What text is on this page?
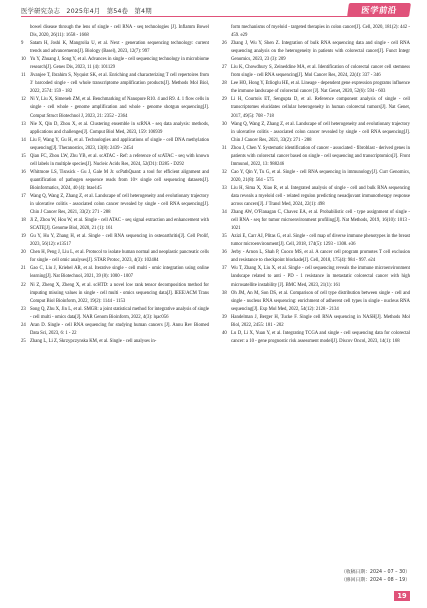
医学研究杂志　2025年4月　第54卷　第4期	医学前沿
bowel disease through the lens of single - cell RNA - seq technologies [J]. Inflamm Bowel Dis, 2020, 26(11): 1658 - 1668
9 Satam H, Joshi K, Mangrolia U, et al. Next - generation sequencing technology: current trends and advancements[J]. Biology (Basel), 2023, 12(7): 997
10 Yu Y, Zhuang J, Song Y, et al. Advances in single - cell sequencing technology in microbiome research[J]. Genes Dis, 2023, 11 (4): 101129
11 Jivanjee T, Ibrahim S, Nyquist SK, et al. Enriching and characterizing T cell repertoires from 3′ barcoded single - cell whole transcriptome amplification products[J]. Methods Mol Biol, 2022, 2574: 159 - 182
12 Ni Y, Liu X, Simeneh ZM, et al. Benchmarking of Nanopore R10. 4 and R9. 4. 1 flow cells in single - cell whole - genome amplification and whole - genome shotgun sequencing[J]. Comput Struct Biotechnol J, 2023, 21: 2352 - 2364
13 Nie X, Qin D, Zhou X, et al. Clustering ensemble in scRNA - seq data analysis: methods, applications and challenges[J]. Comput Biol Med, 2023, 159: 106939
14 Liu F, Wang Y, Gu H, et al. Technologies and applications of single - cell DNA methylation sequencing[J]. Theranostics, 2023, 13(8): 2439 - 2454
15 Qian FC, Zhou LW, Zhu YB, et al. scATAC - Ref: a reference of scATAC - seq with known cell labels in multiple species[J]. Nucleic Acids Res, 2024, 52(D1): D285 - D292
16 Whitmore LS, Tisnsick - Gu J, Gale M Jr. scPathQuant: a tool for efficient alignment and quantification of pathogen sequence reads from 10× single cell sequencing datasets[J]. Bioinformatics, 2024, 40 (4): btae145
17 Wang Q, Wang Z, Zhang Z, et al. Landscape of cell heterogeneity and evolutionary trajectory in ulcerative colitis - associated colon cancer revealed by single - cell RNA sequencing[J]. Chin J Cancer Res, 2021, 33(2): 271 - 288
18 Ji Z, Zhou W, Hou W, et al. Single - cell ATAC - seq signal extraction and enhancement with SCATE[J]. Genome Biol, 2020, 21 (1): 161
19 Gu Y, Hu Y, Zhang H, et al. Single - cell RNA sequencing in osteoarthritis[J]. Cell Prolif, 2023, 56(12): e13517
20 Chen H, Peng J, Liu L, et al. Protocol to isolate human normal and neoplastic pancreatic cells for single - cell omic analyses[J]. STAR Protoc, 2023, 4(3): 102484
21 Gao C, Liu J, Kriebel AR, et al. Iterative single - cell multi - omic integration using online learning[J]. Nat Biotechnol, 2021, 39 (8): 1000 - 1007
22 Ni Z, Zheng X, Zheng X, et al. scHTD: a novel low rank tensor decomposition method for imputing missing values in single - cell multi - omics sequencing data[J]. IEEE/ACM Trans Comput Biol Bioinform, 2022, 19(2): 1144 - 1153
23 Song Q, Zhu X, Jin L, et al. SMGR: a joint statistical method for integrative analysis of single - cell multi - omics data[J]. NAR Genom Bioinform, 2022, 4(3): lqac056
24 Aran D. Single - cell RNA sequencing for studying human cancers [J]. Annu Rev Biomed Data Sci, 2023, 6: 1 - 22
25 Zhang L, Li Z, Skrzypczynska KM, et al. Single - cell analyses in-
form mechanisms of myeloid - targeted therapies in colon cancer[J]. Cell, 2020, 181(2): 442 - 459. e29
26 Zhang J, Wu Y, Shen Z. Integration of bulk RNA sequencing data and single - cell RNA sequencing analysis on the heterogeneity in patients with colorectal cancer[J]. Funct Integr Genomics, 2023, 23 (3): 209
27 Liu K, Chowdhury S, Zeineddine MA, et al. Identification of colorectal cancer cell stemness from single - cell RNA sequencing[J]. Mol Cancer Res, 2024, 22(4): 337 - 346
28 Lee HO, Hong Y, Etlioglu HE, et al. Lineage - dependent gene expression programs influence the immune landscape of colorectal cancer [J]. Nat Genet, 2020, 52(6): 594 - 603
29 Li H, Courtois ET, Sengupta D, et al. Reference component analysis of single - cell transcriptomes elucidates cellular heterogeneity in human colorectal tumors[J]. Nat Genet, 2017, 49(5): 708 - 718
30 Wang Q, Wang Z, Zhang Z, et al. Landscape of cell heterogeneity and evolutionary trajectory in ulcerative colitis - associated colon cancer revealed by single - cell RNA sequencing[J]. Chin J Cancer Res, 2021, 33(2): 271 - 288
31 Zhou J, Chen Y. Systematic identification of cancer - associated - fibroblast - derived genes in patients with colorectal cancer based on single - cell sequencing and transcriptomics[J]. Front Immunol, 2022, 13: 988246
32 Cao Y, Qin Y, Tu G, et al. Single - cell RNA sequencing in immunology[J]. Curr Genomics, 2020, 21(8): 564 - 575
33 Liu H, Sima X, Xiao R, et al. Integrated analysis of single - cell and bulk RNA sequencing data reveals a myeloid cell - related regulon predicting neoadjuvant immunotherapy response across cancers[J]. J Transl Med, 2024, 22(1): 498
34 Zhang AW, O'Flanagan C, Chavez EA, et al. Probabilistic cell - type assignment of single - cell RNA - seq for tumor microenvironment profiling[J]. Nat Methods, 2019, 16(10): 1013 - 1021
35 Azizi E, Carr AJ, Plitas G, et al. Single - cell map of diverse immune phenotypes in the breast tumor microenvironment[J]. Cell, 2018, 174(5): 1293 - 1308. e36
36 Jerby - Arnon L, Shah P, Cuoco MS, et al. A cancer cell program promotes T cell exclusion and resistance to checkpoint blockade[J]. Cell, 2018, 175(4): 984 - 997. e24
37 Wu T, Zhang X, Liu X, et al. Single - cell sequencing reveals the immune microenvironment landscape related to anti - PD - 1 resistance in metastatic colorectal cancer with high microsatellite instability [J]. BMC Med, 2023, 21(1): 161
38 Oh JM, An M, Son DS, et al. Comparison of cell type distribution between single - cell and single - nucleus RNA sequencing: enrichment of adherent cell types in single - nucleus RNA sequencing[J]. Exp Mol Med, 2022, 54(12): 2128 - 2134
39 Handelman J, Berger H, Tucke F. Single cell RNA sequencing in NASH[J]. Methods Mol Biol, 2022, 2455: 181 - 202
40 Lu D, Li X, Yuan Y, et al. Integrating TCGA and single - cell sequencing data for colorectal cancer: a 10 - gene prognostic risk assessment model[J]. Discov Oncol, 2023, 14(1): 168
（收稿日期：2024 – 07 – 30）
（修回日期：2024 – 08 – 19）
19
